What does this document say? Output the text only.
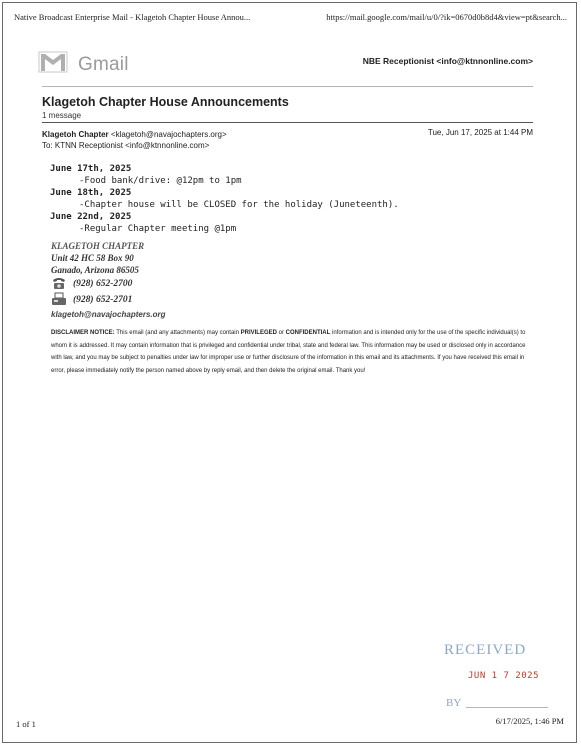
Native Broadcast Enterprise Mail - Klagetoh Chapter House Annou...	https://mail.google.com/mail/u/0/?ik=0670d0b8d4&view=pt&search...
Gmail	NBE Receptionist <info@ktnnonline.com>
Klagetoh Chapter House Announcements
1 message
Klagetoh Chapter <klagetoh@navajochapters.org>	Tue, Jun 17, 2025 at 1:44 PM
To: KTNN Receptionist <info@ktnnonline.com>
June 17th, 2025
-Food bank/drive: @12pm to 1pm
June 18th, 2025
-Chapter house will be CLOSED for the holiday (Juneteenth).
June 22nd, 2025
-Regular Chapter meeting @1pm
KLAGETOH CHAPTER
Unit 42 HC 58 Box 90
Ganado, Arizona 86505
(928) 652-2700
(928) 652-2701
klagetoh@navajochapters.org
DISCLAIMER NOTICE: This email (and any attachments) may contain PRIVILEGED or CONFIDENTIAL information and is intended only for the use of the specific individual(s) to whom it is addressed. It may contain information that is privileged and confidential under tribal, state and federal law. This information may be used or disclosed only in accordance with law, and you may be subject to penalties under law for improper use or further disclosure of the information in this email and its attachments. If you have received this email in error, please immediately notify the person named above by reply email, and then delete the original email. Thank you!
RECEIVED
JUN 1 7 2025
BY
1 of 1	6/17/2025, 1:46 PM
